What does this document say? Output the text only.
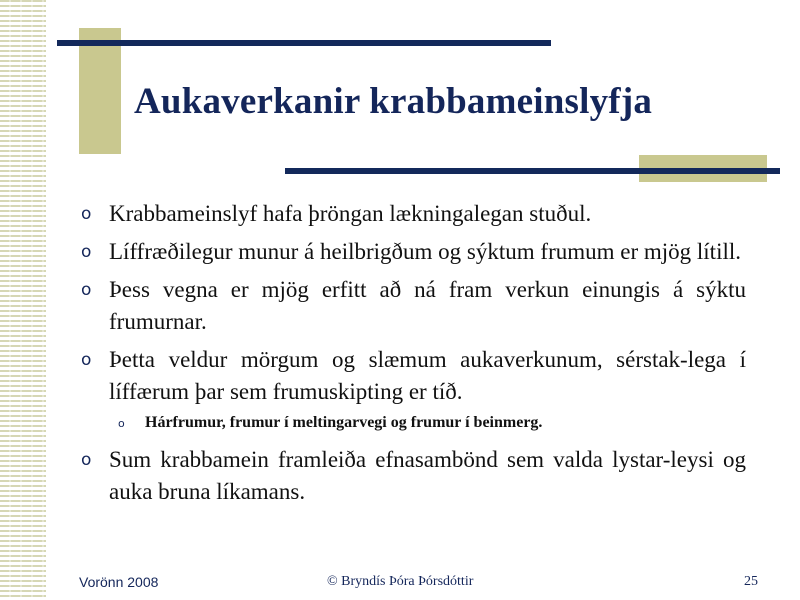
Aukaverkanir krabbameinslyfja
o Krabbameinslyf hafa þröngan lækningalegan stuðul.
o Líffræðilegur munur á heilbrigðum og sýktum frumum er mjög lítill.
o Þess vegna er mjög erfitt að ná fram verkun einungis á sýktu frumurnar.
o Þetta veldur mörgum og slæmum aukaverkunum, sérstak-lega í líffærum þar sem frumuskipting er tíð.
o Hárfrumur, frumur í meltingarvegi og frumur í beinmerg.
o Sum krabbamein framleiða efnasambönd sem valda lystar-leysi og auka bruna líkamans.
Vorönn 2008	© Bryndís Þóra Þórsdóttir	25
